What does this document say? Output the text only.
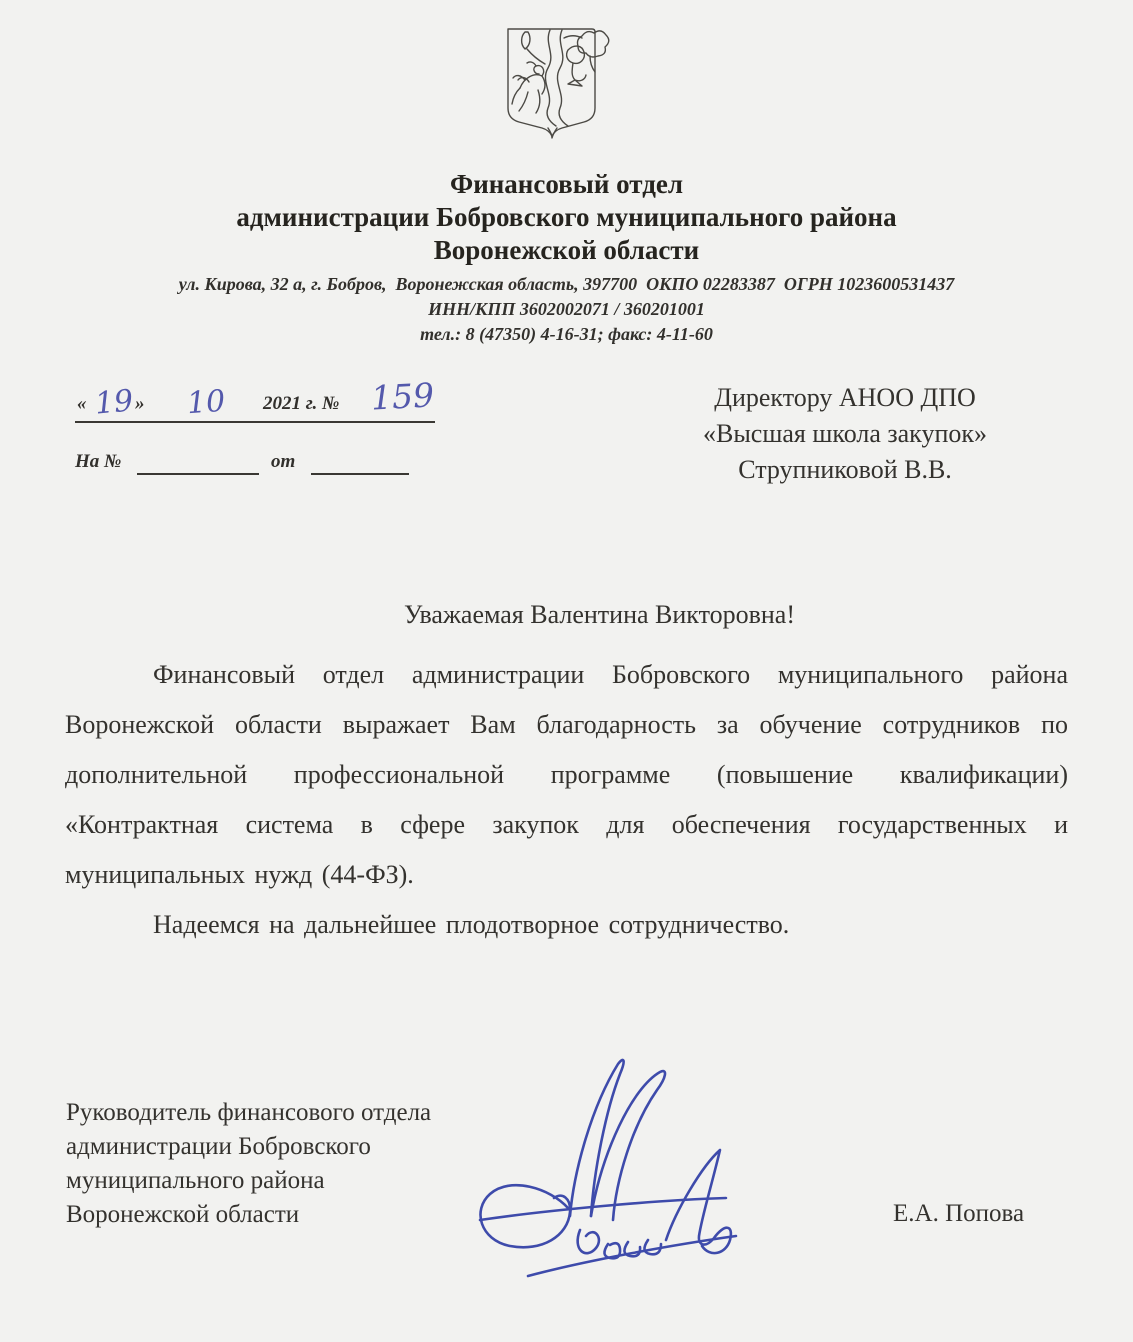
Финансовый отдел
администрации Бобровского муниципального района
Воронежской области
ул. Кирова, 32 а, г. Бобров,  Воронежская область, 397700  ОКПО 02283387  ОГРН 1023600531437
ИНН/КПП 3602002071 / 360201001
тел.: 8 (47350) 4-16-31; факс: 4-11-60
« 19 » 10 2021 г. № 159
На №	от
Директору АНОО ДПО
«Высшая школа закупок»
Струпниковой В.В.
Уважаемая Валентина Викторовна!

Финансовый отдел администрации Бобровского муниципального района Воронежской области выражает Вам благодарность за обучение сотрудников по дополнительной профессиональной программе (повышение квалификации) «Контрактная система в сфере закупок для обеспечения государственных и муниципальных нужд (44-ФЗ).

Надеемся на дальнейшее плодотворное сотрудничество.

Руководитель финансового отдела
администрации Бобровского
муниципального района
Воронежской области	Е.А. Попова
